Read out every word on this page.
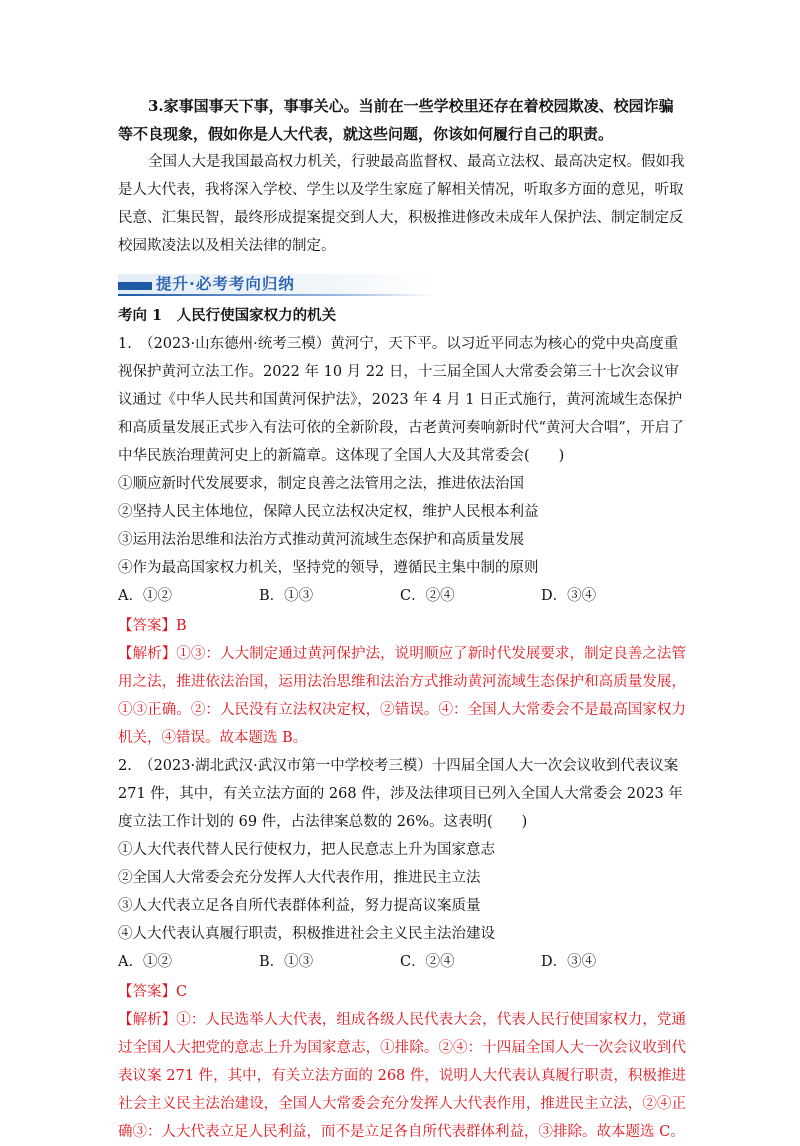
3.家事国事天下事，事事关心。当前在一些学校里还存在着校园欺凌、校园诈骗等不良现象，假如你是人大代表，就这些问题，你该如何履行自己的职责。

全国人大是我国最高权力机关，行驶最高监督权、最高立法权、最高决定权。假如我是人大代表，我将深入学校、学生以及学生家庭了解相关情况，听取多方面的意见，听取民意、汇集民智，最终形成提案提交到人大，积极推进修改未成年人保护法、制定制定反校园欺凌法以及相关法律的制定。

提升·必考考向归纳

考向 1　人民行使国家权力的机关

1.　（2023·山东德州·统考三模）黄河宁，天下平。以习近平同志为核心的党中央高度重视保护黄河立法工作。2022 年 10 月 22 日，十三届全国人大常委会第三十七次会议审议通过《中华人民共和国黄河保护法》，2023 年 4 月 1 日正式施行，黄河流域生态保护和高质量发展正式步入有法可依的全新阶段，古老黄河奏响新时代“黄河大合唱”，开启了中华民族治理黄河史上的新篇章。这体现了全国人大及其常委会(　　)

①顺应新时代发展要求，制定良善之法管用之法，推进依法治国

②坚持人民主体地位，保障人民立法权决定权，维护人民根本利益

③运用法治思维和法治方式推动黄河流域生态保护和高质量发展

④作为最高国家权力机关，坚持党的领导，遵循民主集中制的原则

A．①②	B．①③	C．②④	D．③④

【答案】B

【解析】①③：人大制定通过黄河保护法，说明顺应了新时代发展要求，制定良善之法管用之法，推进依法治国，运用法治思维和法治方式推动黄河流域生态保护和高质量发展，①③正确。②：人民没有立法权决定权，②错误。④：全国人大常委会不是最高国家权力机关，④错误。故本题选 B。

2.　（2023·湖北武汉·武汉市第一中学校考三模）十四届全国人大一次会议收到代表议案 271 件，其中，有关立法方面的 268 件，涉及法律项目已列入全国人大常委会 2023 年度立法工作计划的 69 件，占法律案总数的 26%。这表明(　　)

①人大代表代替人民行使权力，把人民意志上升为国家意志

②全国人大常委会充分发挥人大代表作用，推进民主立法

③人大代表立足各自所代表群体利益，努力提高议案质量

④人大代表认真履行职责，积极推进社会主义民主法治建设

A．①②	B．①③	C．②④	D．③④

【答案】C

【解析】①：人民选举人大代表，组成各级人民代表大会，代表人民行使国家权力，党通过全国人大把党的意志上升为国家意志，①排除。②④：十四届全国人大一次会议收到代表议案 271 件，其中，有关立法方面的 268 件，说明人大代表认真履行职责，积极推进社会主义民主法治建设，全国人大常委会充分发挥人大代表作用，推进民主立法，②④正确③：人大代表立足人民利益，而不是立足各自所代表群体利益，③排除。故本题选 C。
